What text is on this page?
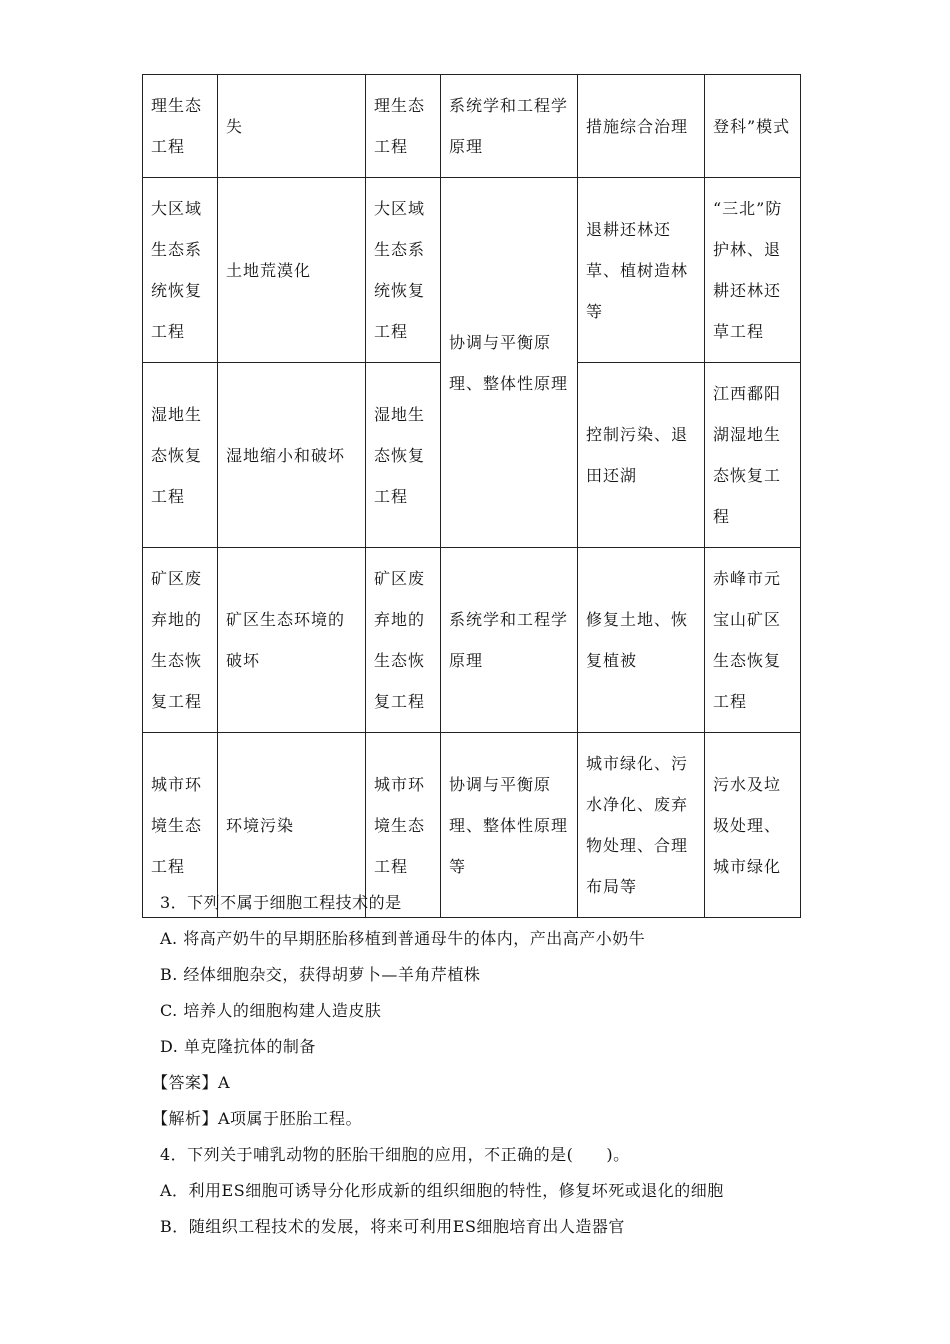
理生态工程	失	理生态工程	系统学和工程学原理	措施综合治理	登科”模式
大区域生态系统恢复工程	土地荒漠化	大区域生态系统恢复工程	协调与平衡原理、整体性原理	退耕还林还草、植树造林等	“三北”防护林、退耕还林还草工程
湿地生态恢复工程	湿地缩小和破坏	湿地生态恢复工程		控制污染、退田还湖	江西鄱阳湖湿地生态恢复工程
矿区废弃地的生态恢复工程	矿区生态环境的破坏	矿区废弃地的生态恢复工程	系统学和工程学原理	修复土地、恢复植被	赤峰市元宝山矿区生态恢复工程
城市环境生态工程	环境污染	城市环境生态工程	协调与平衡原理、整体性原理等	城市绿化、污水净化、废弃物处理、合理布局等	污水及垃圾处理、城市绿化
3．下列不属于细胞工程技术的是
A. 将高产奶牛的早期胚胎移植到普通母牛的体内，产出高产小奶牛
B. 经体细胞杂交，获得胡萝卜—羊角芹植株
C. 培养人的细胞构建人造皮肤
D. 单克隆抗体的制备
【答案】A
【解析】A项属于胚胎工程。
4．下列关于哺乳动物的胚胎干细胞的应用，不正确的是(　　)。
A．利用ES细胞可诱导分化形成新的组织细胞的特性，修复坏死或退化的细胞
B．随组织工程技术的发展，将来可利用ES细胞培育出人造器官
